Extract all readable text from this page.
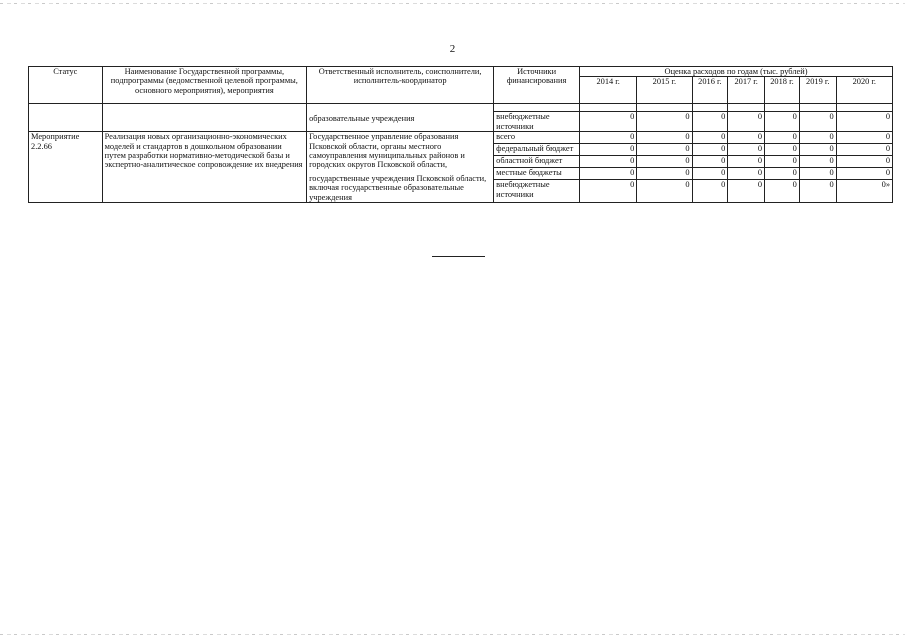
2
Статус	Наименование Государственной программы, подпрограммы (ведомственной целевой программы, основного мероприятия), мероприятия	Ответственный исполнитель, соисполнители, исполнитель-координатор	Источники финансирования	Оценка расходов по годам (тыс. рублей)						
				2014 г.	2015 г.	2016 г.	2017 г.	2018 г.	2019 г.	2020 г.
		образовательные учреждения								
			внебюджетные источники	0	0	0	0	0	0	0
Мероприятие 2.2.66	Реализация новых организационно-экономических моделей и стандартов в дошкольном образовании путем разработки нормативно-методической базы и экспертно-аналитическое сопровождение их внедрения	Государственное управление образования Псковской области, органы местного самоуправления муниципальных районов и городских округов Псковской области,
государственные учреждения Псковской области, включая государственные образовательные учреждения	всего	0	0	0	0	0	0	0
			федеральный бюджет	0	0	0	0	0	0	0
			областной бюджет	0	0	0	0	0	0	0
			местные бюджеты	0	0	0	0	0	0	0
			внебюджетные источники	0	0	0	0	0	0	0»
